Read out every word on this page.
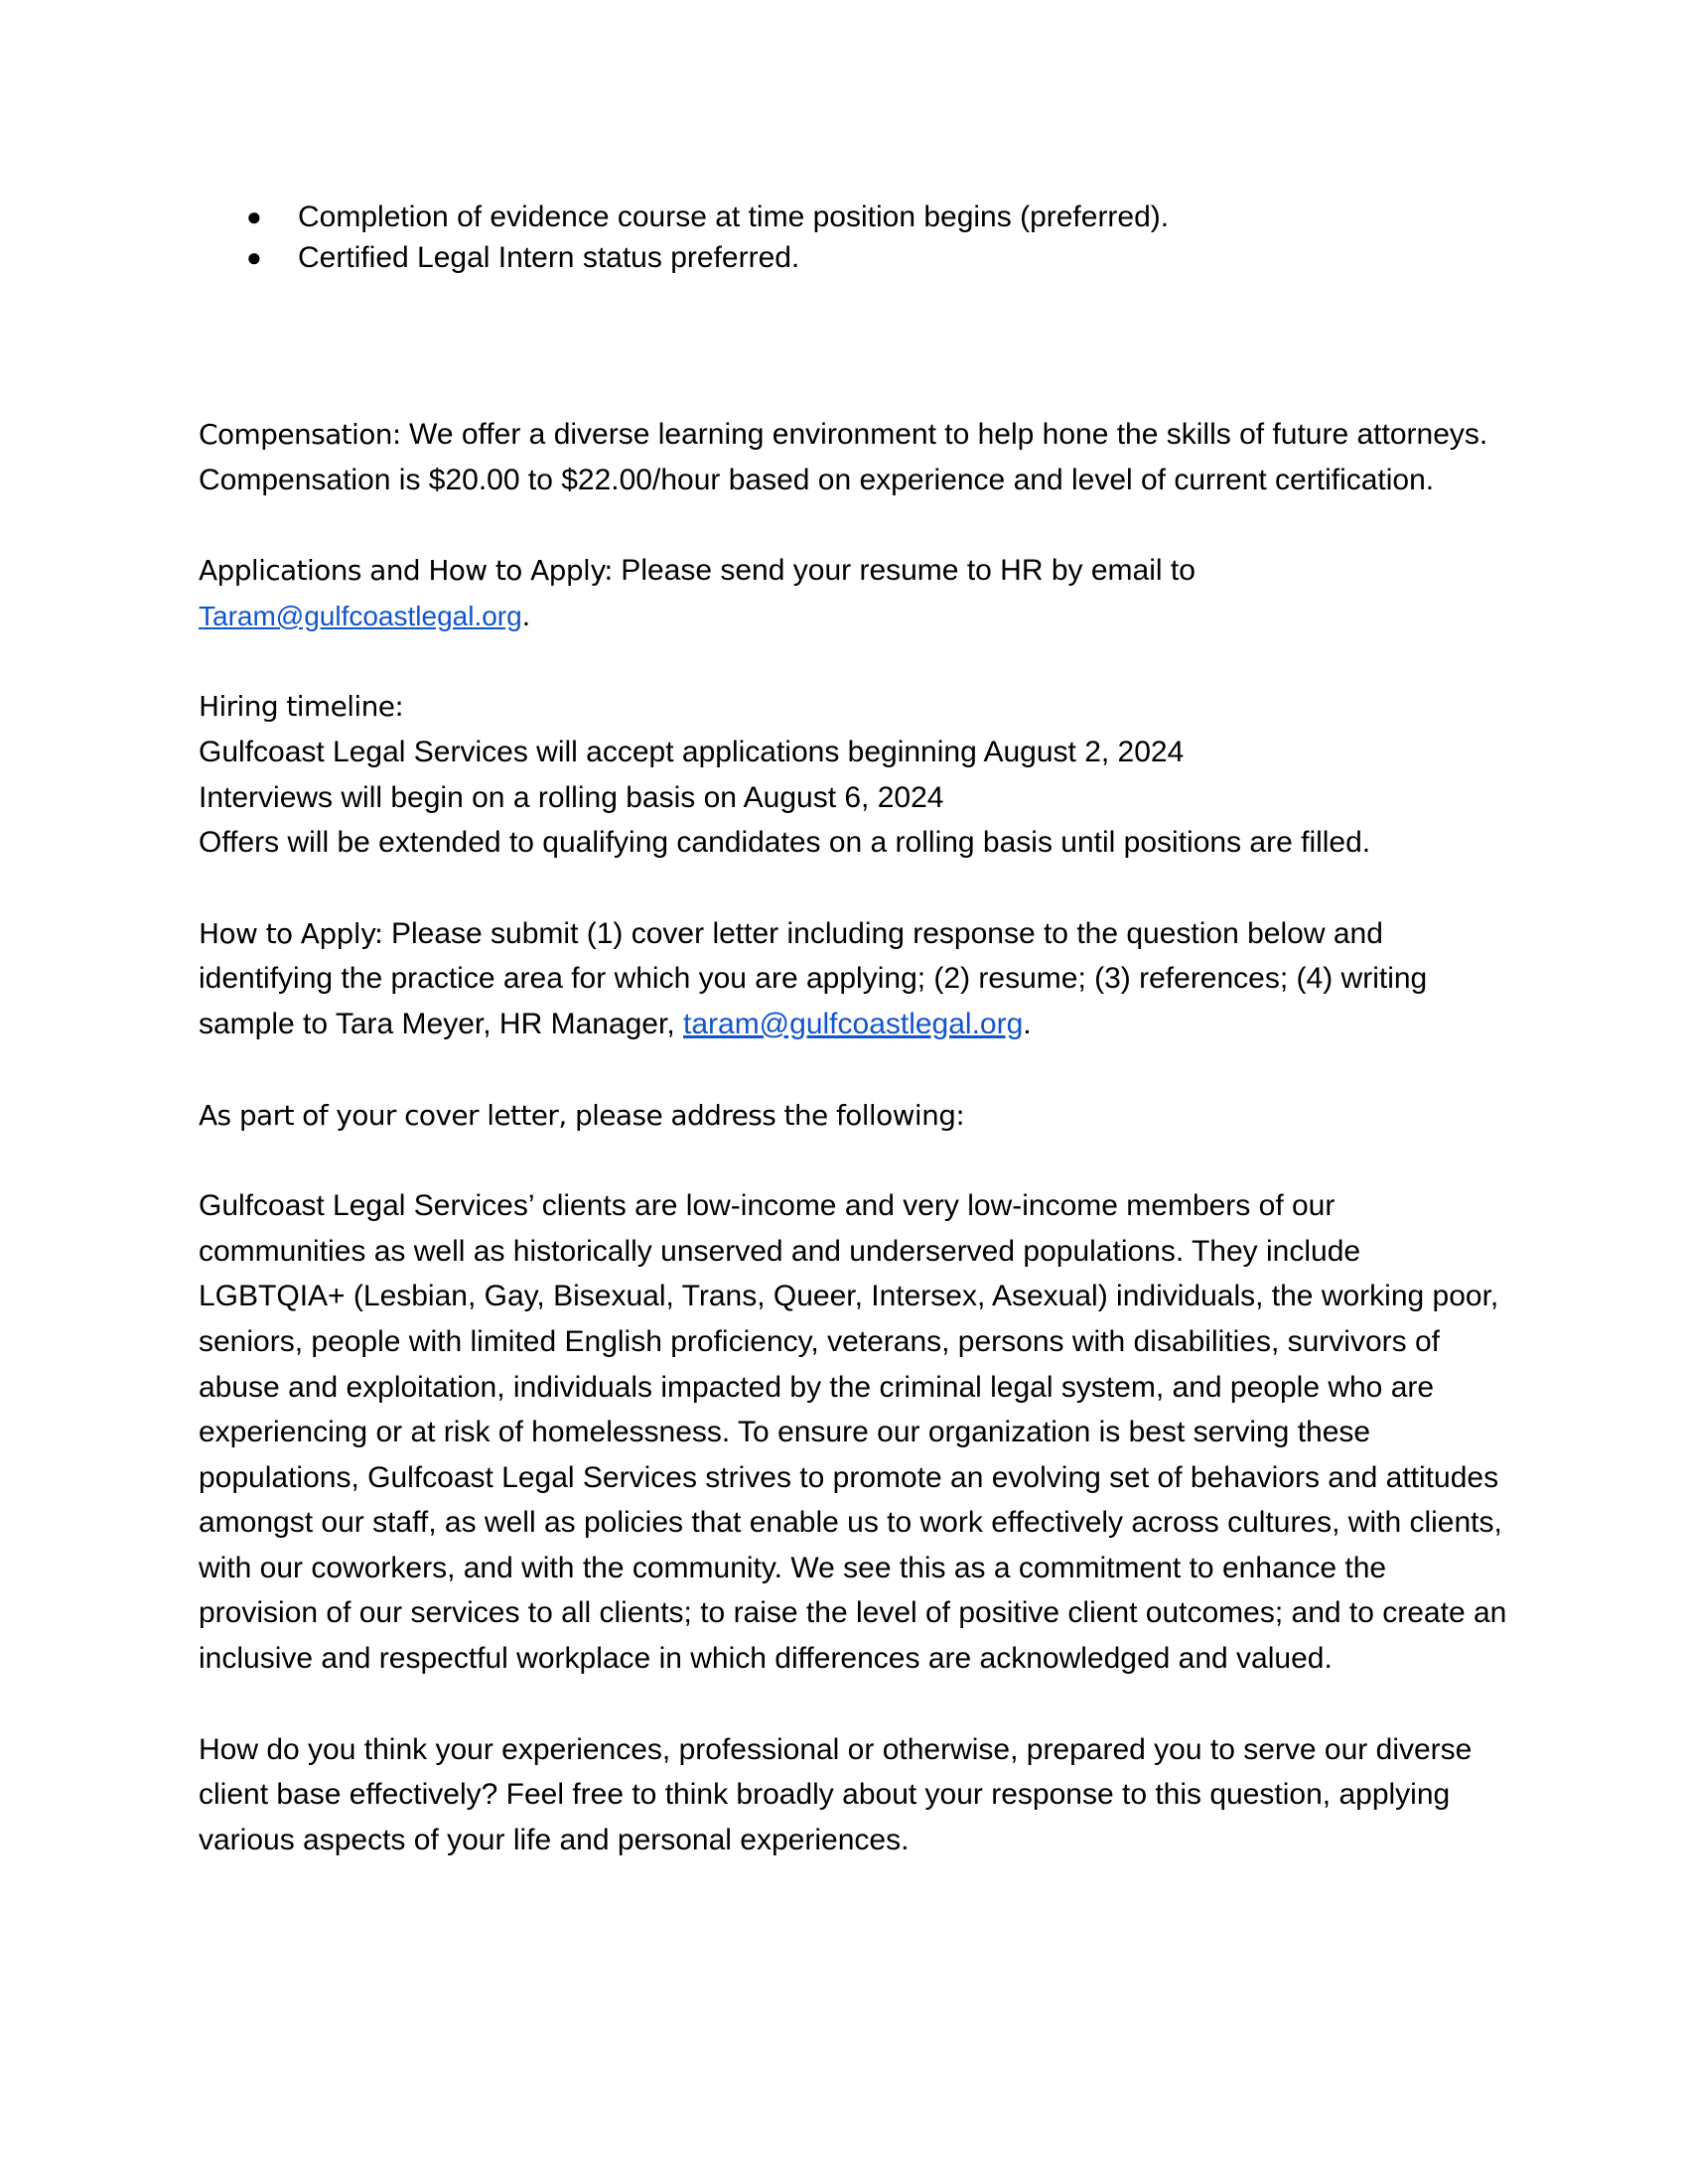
● Completion of evidence course at time position begins (preferred).
● Certified Legal Intern status preferred.

Compensation: We offer a diverse learning environment to help hone the skills of future attorneys. Compensation is $20.00 to $22.00/hour based on experience and level of current certification.

Applications and How to Apply: Please send your resume to HR by email to
Taram@gulfcoastlegal.org.

Hiring timeline:
Gulfcoast Legal Services will accept applications beginning August 2, 2024
Interviews will begin on a rolling basis on August 6, 2024
Offers will be extended to qualifying candidates on a rolling basis until positions are filled.

How to Apply: Please submit (1) cover letter including response to the question below and identifying the practice area for which you are applying; (2) resume; (3) references; (4) writing sample to Tara Meyer, HR Manager, taram@gulfcoastlegal.org.

As part of your cover letter, please address the following:

Gulfcoast Legal Services’ clients are low-income and very low-income members of our communities as well as historically unserved and underserved populations. They include LGBTQIA+ (Lesbian, Gay, Bisexual, Trans, Queer, Intersex, Asexual) individuals, the working poor, seniors, people with limited English proficiency, veterans, persons with disabilities, survivors of abuse and exploitation, individuals impacted by the criminal legal system, and people who are experiencing or at risk of homelessness. To ensure our organization is best serving these populations, Gulfcoast Legal Services strives to promote an evolving set of behaviors and attitudes amongst our staff, as well as policies that enable us to work effectively across cultures, with clients, with our coworkers, and with the community. We see this as a commitment to enhance the provision of our services to all clients; to raise the level of positive client outcomes; and to create an inclusive and respectful workplace in which differences are acknowledged and valued.

How do you think your experiences, professional or otherwise, prepared you to serve our diverse client base effectively? Feel free to think broadly about your response to this question, applying various aspects of your life and personal experiences.
